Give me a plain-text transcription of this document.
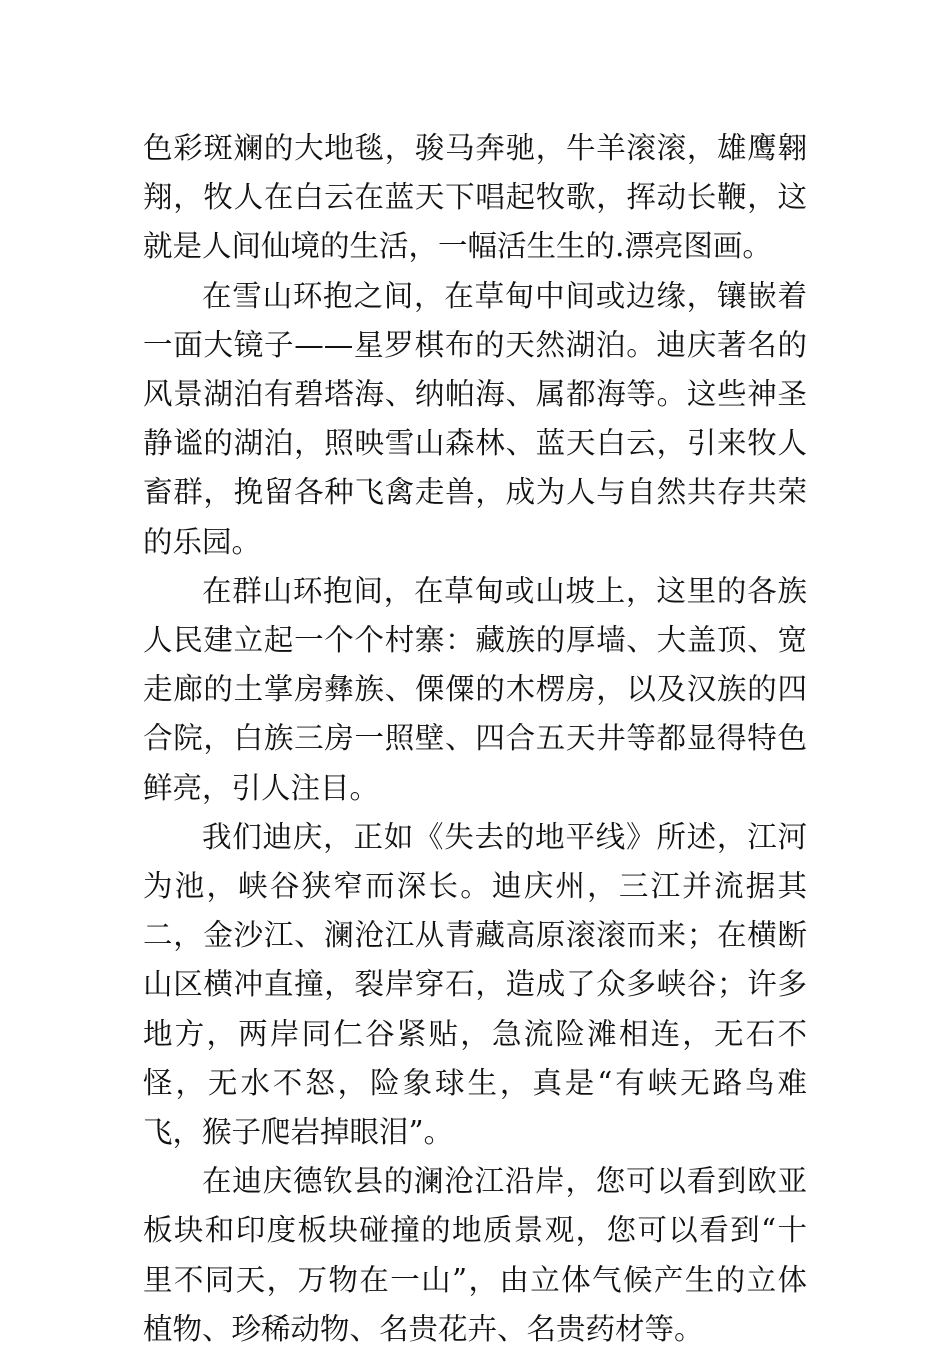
色彩斑斓的大地毯，骏马奔驰，牛羊滚滚，雄鹰翱翔，牧人在白云在蓝天下唱起牧歌，挥动长鞭，这就是人间仙境的生活，一幅活生生的.漂亮图画。

在雪山环抱之间，在草甸中间或边缘，镶嵌着一面大镜子——星罗棋布的天然湖泊。迪庆著名的风景湖泊有碧塔海、纳帕海、属都海等。这些神圣静谧的湖泊，照映雪山森林、蓝天白云，引来牧人畜群，挽留各种飞禽走兽，成为人与自然共存共荣的乐园。

在群山环抱间，在草甸或山坡上，这里的各族人民建立起一个个村寨：藏族的厚墙、大盖顶、宽走廊的土掌房彝族、傈僳的木楞房，以及汉族的四合院，白族三房一照壁、四合五天井等都显得特色鲜亮，引人注目。

我们迪庆，正如《失去的地平线》所述，江河为池，峡谷狭窄而深长。迪庆州，三江并流据其二，金沙江、澜沧江从青藏高原滚滚而来；在横断山区横冲直撞，裂岸穿石，造成了众多峡谷；许多地方，两岸同仁谷紧贴，急流险滩相连，无石不怪，无水不怒，险象球生，真是“有峡无路鸟难飞，猴子爬岩掉眼泪”。

在迪庆德钦县的澜沧江沿岸，您可以看到欧亚板块和印度板块碰撞的地质景观，您可以看到“十里不同天，万物在一山”，由立体气候产生的立体植物、珍稀动物、名贵花卉、名贵药材等。
